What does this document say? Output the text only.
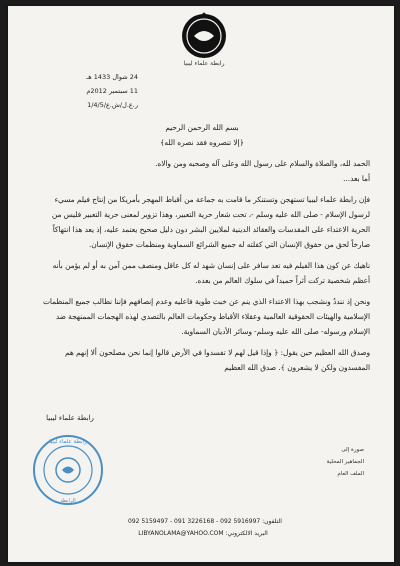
رابطة علماء ليبيا
24 شوال 1433 هـ
11 سبتمبر 2012م
ر.ع.ل/ش.ع/1/4/5

بسم الله الرحمن الرحيم

﴿إلا تنصروه فقد نصره الله﴾

الحمد لله، والصلاة والسلام على رسول الله وعلى آله وصحبه ومن والاه.

أما بعد...

فإن رابطة علماء ليبيا تستهجن وتستنكر ما قامت به جماعة من أقباط المهجر بأمريكا من إنتاج فيلم مسيء لرسول الإسلام - صلى الله عليه وسلم -، تحت شعار حرية التعبير، وهذا تزوير لمعنى حرية التعبير فليس من الحرية الاعتداء على المقدسات والعقائد الدينية لملايين البشر دون دليل صحيح يعتمد عليه، إذ يعد هذا انتهاكاً صارخاً لحق من حقوق الإنسان التي كفلته له جميع الشرائع السماوية ومنظمات حقوق الإنسان.

ناهيك عن كون هذا الفيلم فيه تعد سافر على إنسان شهد له كل عاقل ومنصف ممن آمن به أو لم يؤمن بأنه أعظم شخصية تركت أثراً حميداً في سلوك العالم من بعده.

ونحن إذ ننددُ ونشجب بهذا الاعتداء الذي ينم عن خبث طوية فاعليه وعدم إنصافهم فإننا نطالب جميع المنظمات الإسلامية والهيئات الحقوقية العالمية وعقلاء الأقباط وحكومات العالم بالتصدي لهذه الهجمات الممنهجة ضد الإسلام ورسوله- صلى الله عليه وسلم- وسائر الأديان السماوية.

وصدق الله العظيم حين يقول: ﴿ وإذا قيل لهم لا تفسدوا في الأرض قالوا إنما نحن مصلحون ألا إنهم هم المفسدون ولكن لا يشعرون ﴾. صدق الله العظيم

رابطة علماء ليبيا
رابطة علماء ليبيا
الرابطة
صورة إلى
الجماهير المحلية
الملف العام
092 5159497 - 091 3226168 - 092 5916997 :التلفون
LIBYANOLAMA@YAHOO.COM :البريد الالكتروني
